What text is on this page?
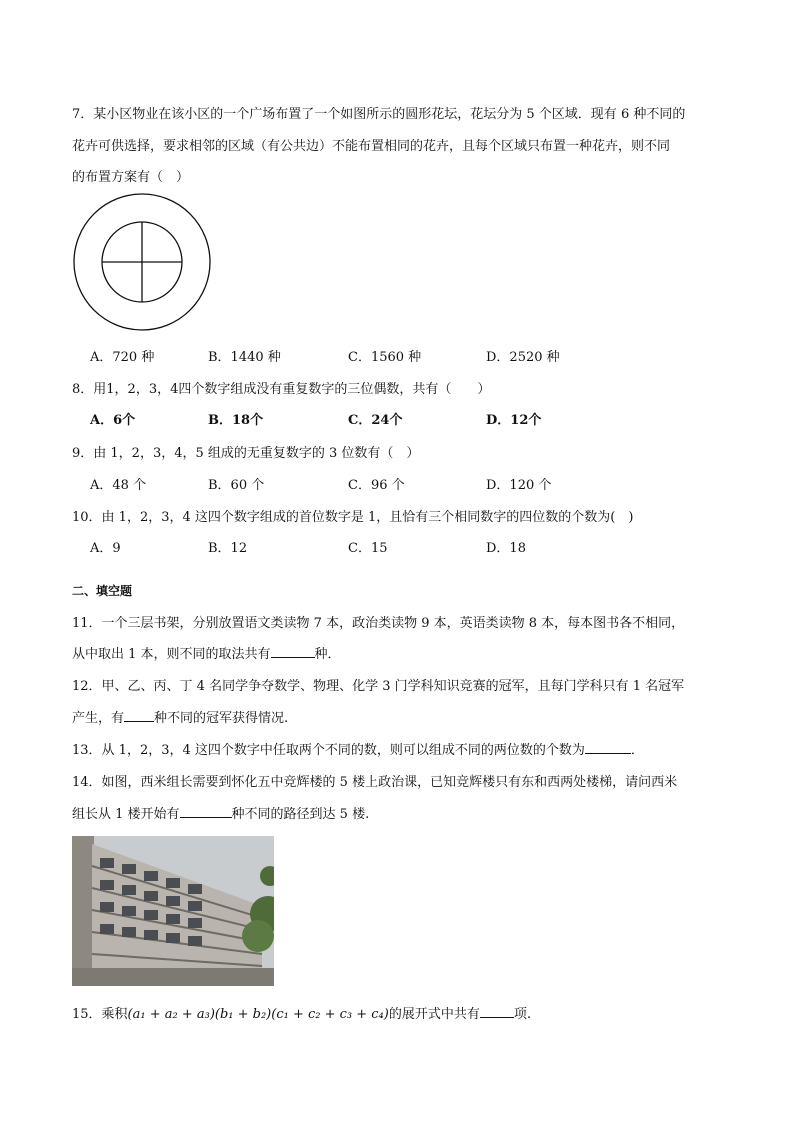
7．某小区物业在该小区的一个广场布置了一个如图所示的圆形花坛，花坛分为 5 个区域．现有 6 种不同的
花卉可供选择，要求相邻的区域（有公共边）不能布置相同的花卉，且每个区域只布置一种花卉，则不同
的布置方案有（　）
A．720 种	B．1440 种	C．1560 种	D．2520 种
8．用1，2，3，4四个数字组成没有重复数字的三位偶数，共有（　　）
A．6个	B．18个	C．24个	D．12个
9．由 1，2，3，4，5 组成的无重复数字的 3 位数有（　）
A．48 个	B．60 个	C．96 个	D．120 个
10．由 1，2，3，4 这四个数字组成的首位数字是 1，且恰有三个相同数字的四位数的个数为(　)
A．9	B．12	C．15	D．18
二、填空题
11．一个三层书架，分别放置语文类读物 7 本，政治类读物 9 本，英语类读物 8 本，每本图书各不相同，
从中取出 1 本，则不同的取法共有	种．
12．甲、乙、丙、丁 4 名同学争夺数学、物理、化学 3 门学科知识竞赛的冠军，且每门学科只有 1 名冠军
产生，有 种不同的冠军获得情况.
13．从 1，2，3，4 这四个数字中任取两个不同的数，则可以组成不同的两位数的个数为	．
14．如图，西米组长需要到怀化五中竞辉楼的 5 楼上政治课，已知竞辉楼只有东和西两处楼梯，请问西米
组长从 1 楼开始有	种不同的路径到达 5 楼.
15．乘积(a₁ + a₂ + a₃)(b₁ + b₂)(c₁ + c₂ + c₃ + c₄)的展开式中共有	项.
